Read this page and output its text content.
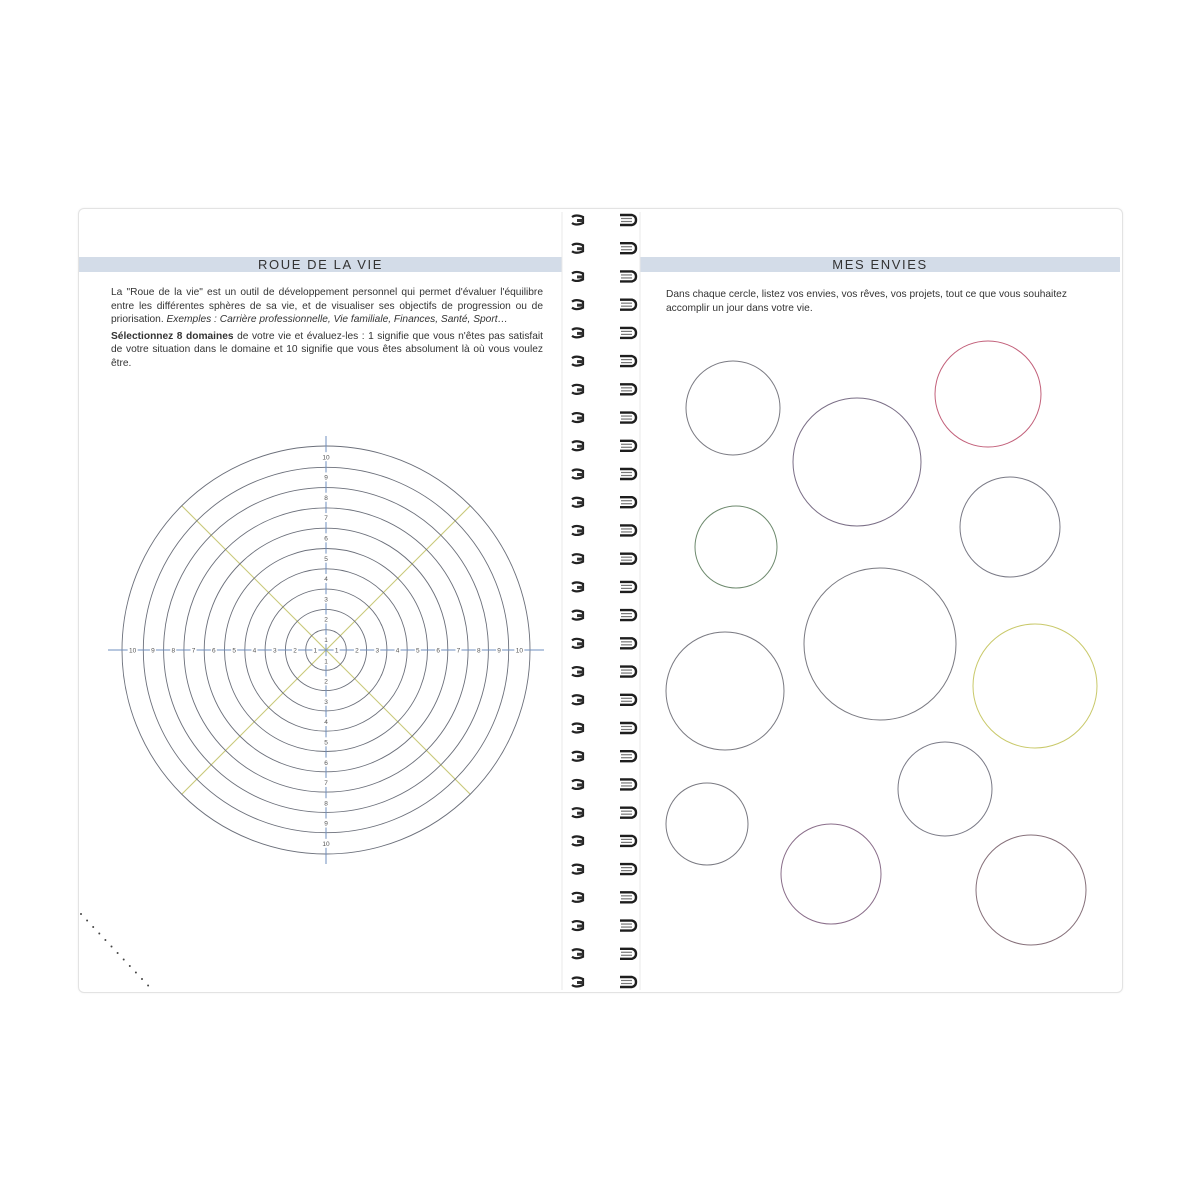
ROUE DE LA VIE	MES ENVIES

La "Roue de la vie" est un outil de développement personnel qui permet d'évaluer l'équilibre entre les différentes sphères de sa vie, et de visualiser ses objectifs de progression ou de priorisation. Exemples : Carrière professionnelle, Vie familiale, Finances, Santé, Sport…

Sélectionnez 8 domaines de votre vie et évaluez-les : 1 signifie que vous n'êtes pas satisfait de votre situation dans le domaine et 10 signifie que vous êtes absolument là où vous voulez être.

Dans chaque cercle, listez vos envies, vos rêves, vos projets, tout ce que vous souhaitez accomplir un jour dans votre vie.
1
1
1	1
2
2
2	2
3
3
3	3
4
4
4	4
5
5
5	5
6
6
6	6
7
7
7	7
8
8
8	8
9
9
9	9
10
10
10	10
